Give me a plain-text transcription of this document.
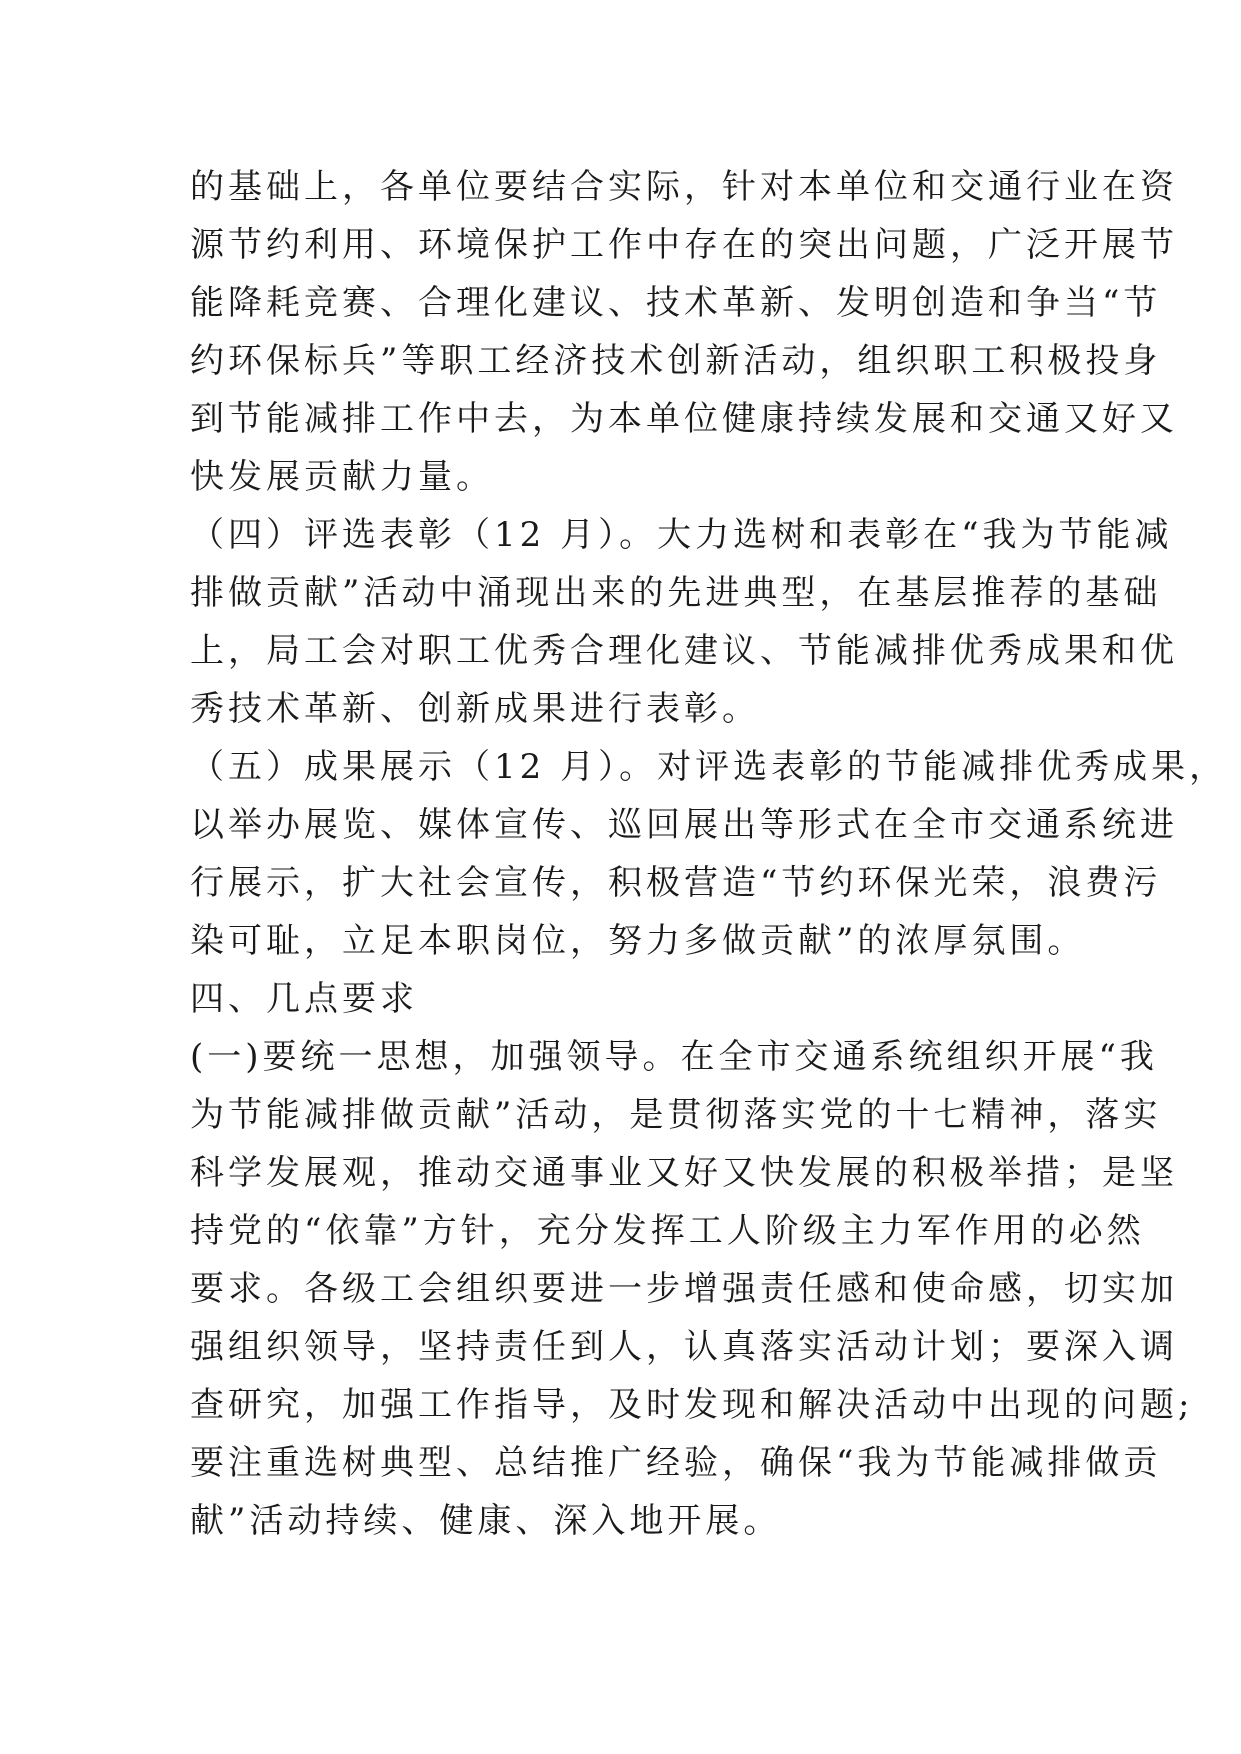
的基础上，各单位要结合实际，针对本单位和交通行业在资
源节约利用、环境保护工作中存在的突出问题，广泛开展节
能降耗竞赛、合理化建议、技术革新、发明创造和争当“节
约环保标兵”等职工经济技术创新活动，组织职工积极投身
到节能减排工作中去，为本单位健康持续发展和交通又好又
快发展贡献力量。
（四）评选表彰（12 月）。大力选树和表彰在“我为节能减
排做贡献”活动中涌现出来的先进典型，在基层推荐的基础
上，局工会对职工优秀合理化建议、节能减排优秀成果和优
秀技术革新、创新成果进行表彰。
（五）成果展示（12 月）。对评选表彰的节能减排优秀成果，
以举办展览、媒体宣传、巡回展出等形式在全市交通系统进
行展示，扩大社会宣传，积极营造“节约环保光荣，浪费污
染可耻，立足本职岗位，努力多做贡献”的浓厚氛围。
四、几点要求
(一)要统一思想，加强领导。在全市交通系统组织开展“我
为节能减排做贡献”活动，是贯彻落实党的十七精神，落实
科学发展观，推动交通事业又好又快发展的积极举措；是坚
持党的“依靠”方针，充分发挥工人阶级主力军作用的必然
要求。各级工会组织要进一步增强责任感和使命感，切实加
强组织领导，坚持责任到人，认真落实活动计划；要深入调
查研究，加强工作指导，及时发现和解决活动中出现的问题;
要注重选树典型、总结推广经验，确保“我为节能减排做贡
献”活动持续、健康、深入地开展。
